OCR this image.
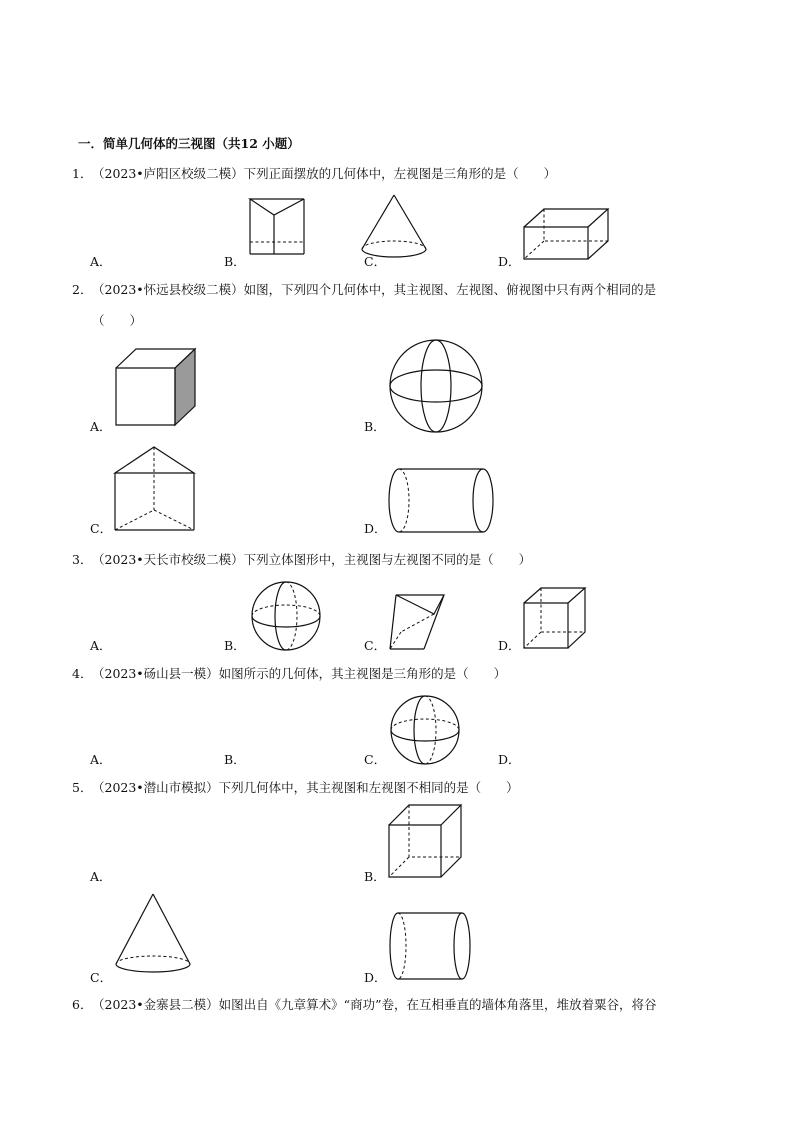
一．简单几何体的三视图（共12 小题）
1． （2023•庐阳区校级二模）下列正面摆放的几何体中，左视图是三角形的是（　　）
A．	B．	C．	D．
2． （2023•怀远县校级二模）如图，下列四个几何体中，其主视图、左视图、俯视图中只有两个相同的是
（　　）
A．	B．
C．	D．
3． （2023•天长市校级二模）下列立体图形中，主视图与左视图不同的是（　　）
A．	B．	C．	D．
4． （2023•砀山县一模）如图所示的几何体，其主视图是三角形的是（　　）
A．	B．	C．	D．
5． （2023•潜山市模拟）下列几何体中，其主视图和左视图不相同的是（　　）
A．	B．
C．	D．
6． （2023•金寨县二模）如图出自《九章算术》“商功”卷，在互相垂直的墙体角落里，堆放着粟谷，将谷
